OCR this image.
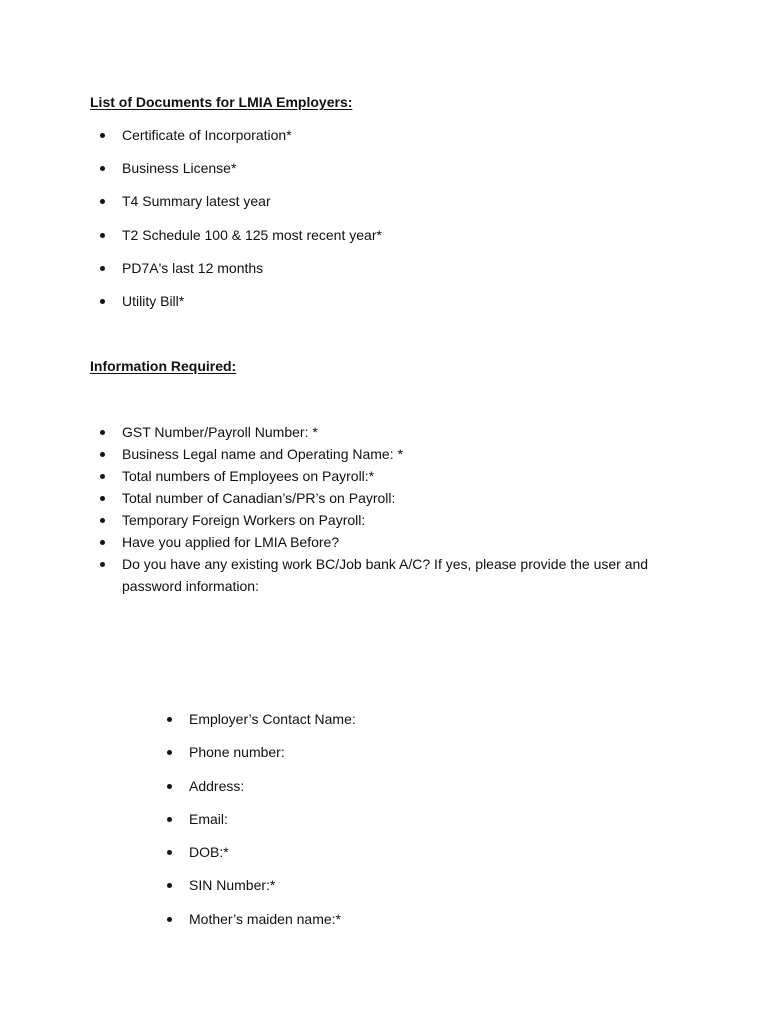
List of Documents for LMIA Employers:
Certificate of Incorporation*
Business License*
T4 Summary latest year
T2 Schedule 100 & 125 most recent year*
PD7A's last 12 months
Utility Bill*
Information Required:
GST Number/Payroll Number: *
Business Legal name and Operating Name: *
Total numbers of Employees on Payroll:*
Total number of Canadian’s/PR’s on Payroll:
Temporary Foreign Workers on Payroll:
Have you applied for LMIA Before?
Do you have any existing work BC/Job bank A/C? If yes, please provide the user and password information:
Employer’s Contact Name:
Phone number:
Address:
Email:
DOB:*
SIN Number:*
Mother’s maiden name:*
